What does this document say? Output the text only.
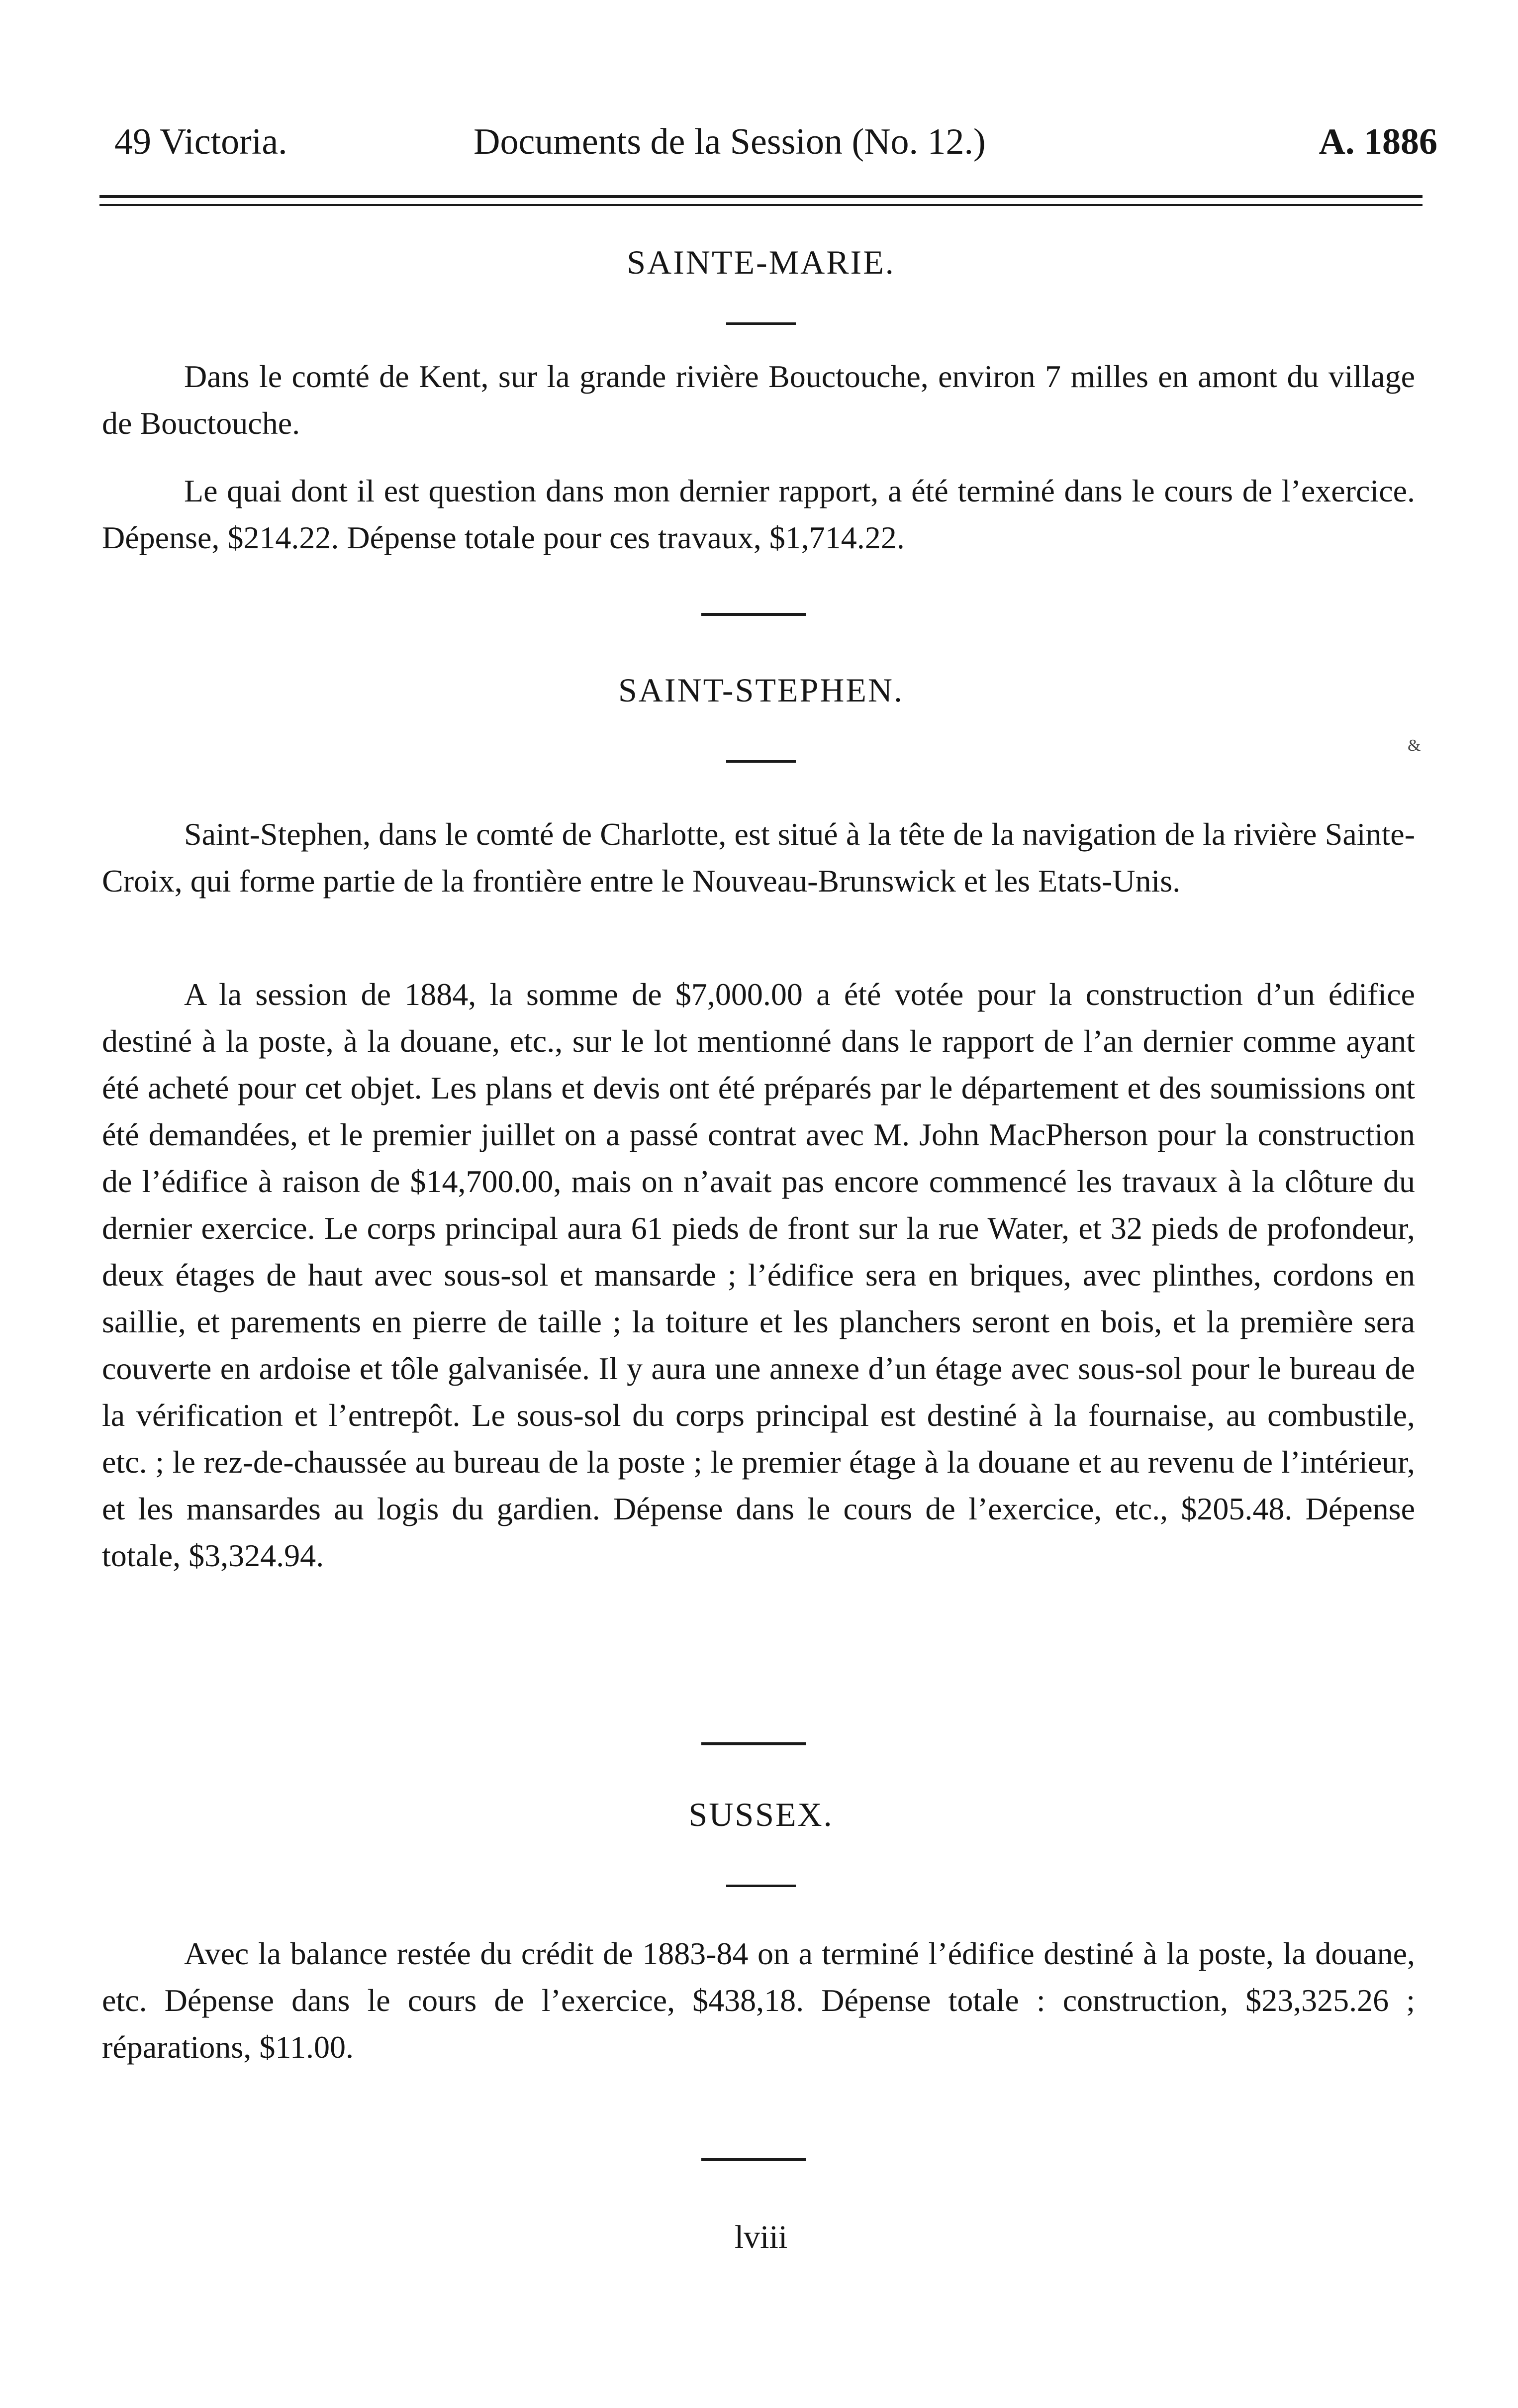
49 Victoria.	Documents de la Session (No. 12.)	A. 1886
SAINTE-MARIE.

Dans le comté de Kent, sur la grande rivière Bouctouche, environ 7 milles en amont du village de Bouctouche.

Le quai dont il est question dans mon dernier rapport, a été terminé dans le cours de l’exercice. Dépense, $214.22. Dépense totale pour ces travaux, $1,714.22.

SAINT-STEPHEN.
&

Saint-Stephen, dans le comté de Charlotte, est situé à la tête de la navigation de la rivière Sainte-Croix, qui forme partie de la frontière entre le Nouveau-Brunswick et les Etats-Unis.

A la session de 1884, la somme de $7,000.00 a été votée pour la construction d’un édifice destiné à la poste, à la douane, etc., sur le lot mentionné dans le rapport de l’an dernier comme ayant été acheté pour cet objet. Les plans et devis ont été préparés par le département et des soumissions ont été demandées, et le premier juillet on a passé contrat avec M. John MacPherson pour la construction de l’édifice à raison de $14,700.00, mais on n’avait pas encore commencé les travaux à la clôture du dernier exercice. Le corps principal aura 61 pieds de front sur la rue Water, et 32 pieds de profondeur, deux étages de haut avec sous-sol et mansarde ; l’édifice sera en briques, avec plinthes, cordons en saillie, et parements en pierre de taille ; la toiture et les planchers seront en bois, et la première sera couverte en ardoise et tôle galvanisée. Il y aura une annexe d’un étage avec sous-sol pour le bureau de la vérification et l’entrepôt. Le sous-sol du corps principal est destiné à la fournaise, au combustile, etc. ; le rez-de-chaussée au bureau de la poste ; le premier étage à la douane et au revenu de l’intérieur, et les mansardes au logis du gardien. Dépense dans le cours de l’exercice, etc., $205.48. Dépense totale, $3,324.94.

SUSSEX.

Avec la balance restée du crédit de 1883-84 on a terminé l’édifice destiné à la poste, la douane, etc. Dépense dans le cours de l’exercice, $438,18. Dépense totale : construction, $23,325.26 ; réparations, $11.00.

lviii
